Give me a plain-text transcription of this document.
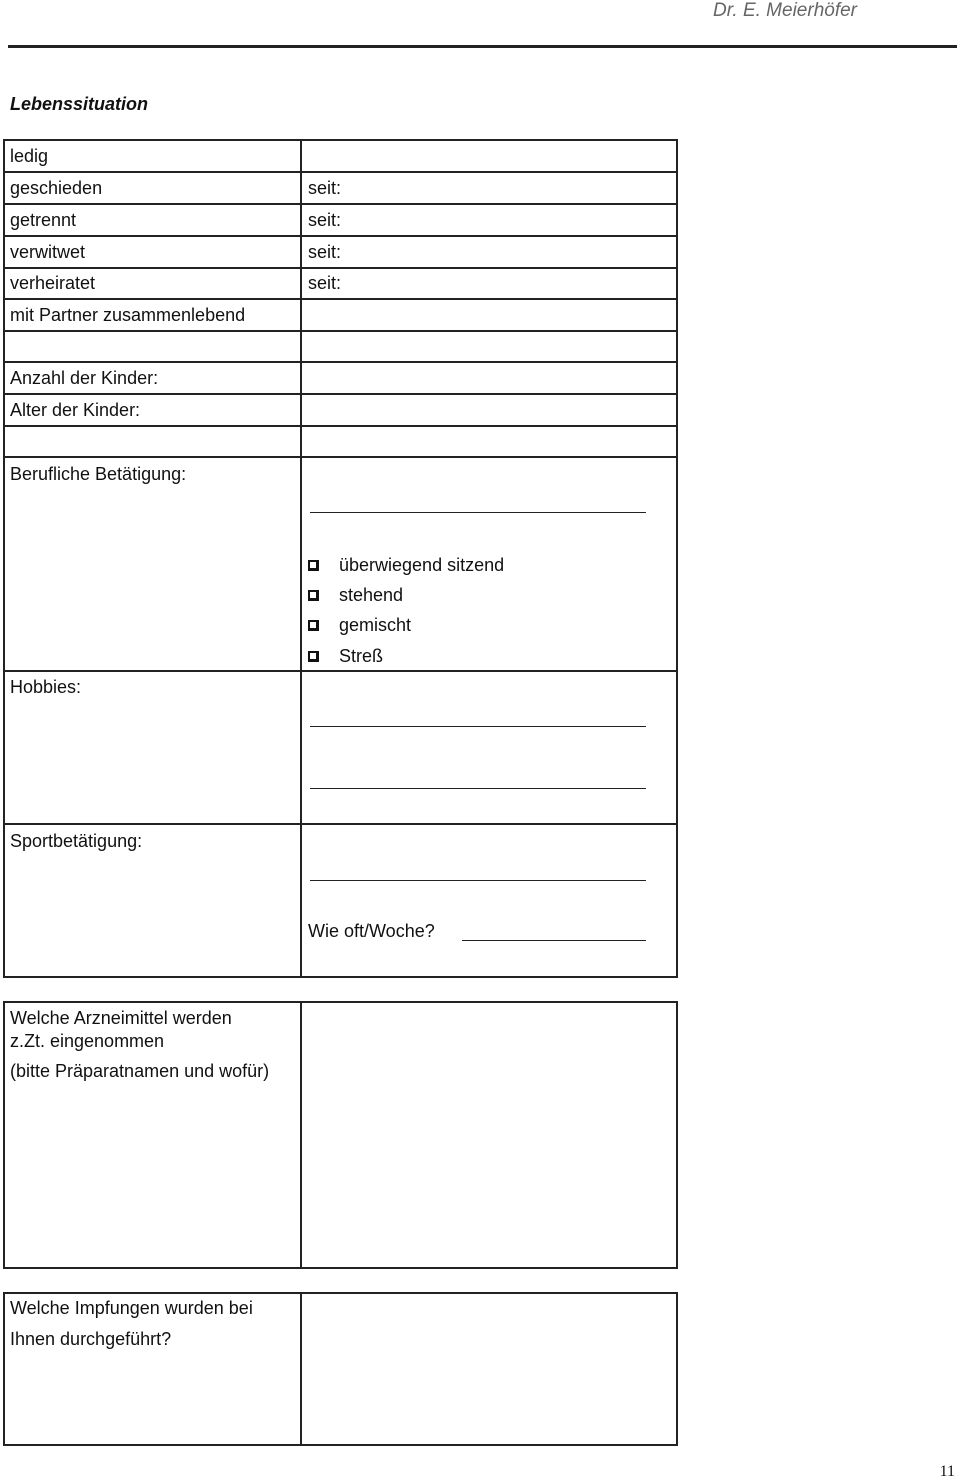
Dr. E. Meierhöfer
Lebenssituation
ledig
geschieden	seit:
getrennt	seit:
verwitwet	seit:
verheiratet	seit:
mit Partner zusammenlebend
Anzahl der Kinder:
Alter der Kinder:
Berufliche Betätigung:
überwiegend sitzend
stehend
gemischt
Streß
Hobbies:
Sportbetätigung:
Wie oft/Woche?
Welche Arzneimittel werden
z.Zt. eingenommen
(bitte Präparatnamen und wofür)
Welche Impfungen wurden bei
Ihnen durchgeführt?
11
